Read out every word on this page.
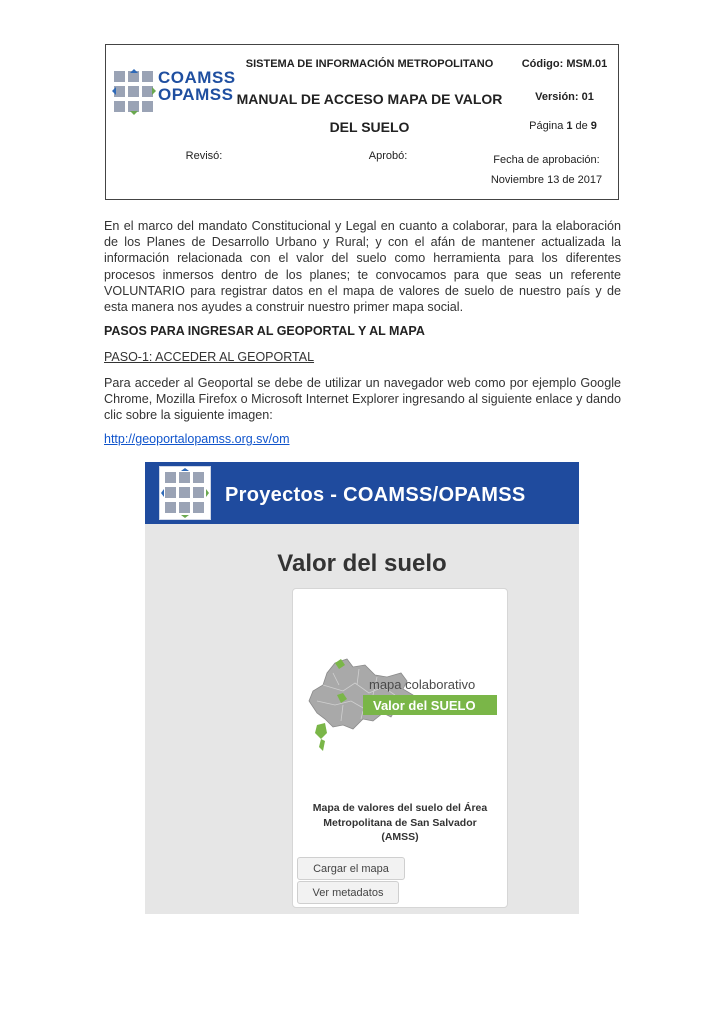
COAMSS
OPAMSS
SISTEMA DE INFORMACIÓN METROPOLITANO
MANUAL DE ACCESO MAPA DE VALOR
DEL SUELO
Código: MSM.01
Versión: 01
Página 1 de 9
Revisó:	Aprobó:	Fecha de aprobación:
Noviembre 13 de 2017
En el marco del mandato Constitucional y Legal en cuanto a colaborar, para la elaboración de los Planes de Desarrollo Urbano y Rural; y con el afán de mantener actualizada la información relacionada con el valor del suelo como herramienta para los diferentes procesos inmersos dentro de los planes; te convocamos para que seas un referente VOLUNTARIO para registrar datos en el mapa de valores de suelo de nuestro país y de esta manera nos ayudes a construir nuestro primer mapa social.
PASOS PARA INGRESAR AL GEOPORTAL Y AL MAPA
PASO-1: ACCEDER AL GEOPORTAL
Para acceder al Geoportal se debe de utilizar un navegador web como por ejemplo Google Chrome, Mozilla Firefox o Microsoft Internet Explorer ingresando al siguiente enlace y dando clic sobre la siguiente imagen:
http://geoportalopamss.org.sv/om
Proyectos - COAMSS/OPAMSS
Valor del suelo
mapa colaborativo
Valor del SUELO
Mapa de valores del suelo del Área
Metropolitana de San Salvador
(AMSS)
Cargar el mapa
Ver metadatos
